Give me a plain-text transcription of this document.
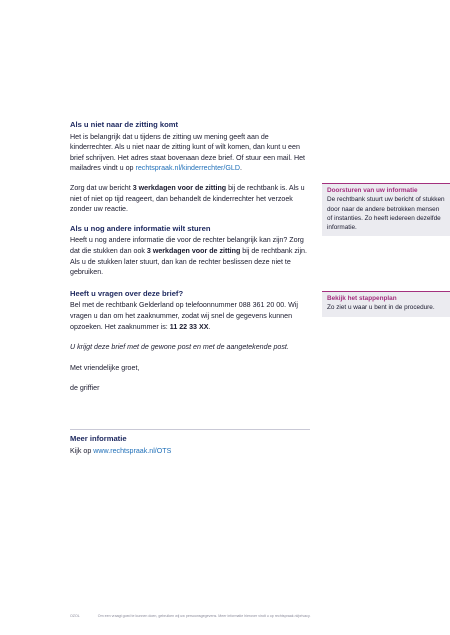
Als u niet naar de zitting komt
Het is belangrijk dat u tijdens de zitting uw mening geeft aan de kinderrechter. Als u niet naar de zitting kunt of wilt komen, dan kunt u een brief schrijven. Het adres staat bovenaan deze brief. Of stuur een mail. Het mailadres vindt u op rechtspraak.nl/kinderrechter/GLD.
Zorg dat uw bericht 3 werkdagen voor de zitting bij de rechtbank is. Als u niet of niet op tijd reageert, dan behandelt de kinderrechter het verzoek zonder uw reactie.
Als u nog andere informatie wilt sturen
Heeft u nog andere informatie die voor de rechter belangrijk kan zijn? Zorg dat die stukken dan ook 3 werkdagen voor de zitting bij de rechtbank zijn. Als u de stukken later stuurt, dan kan de rechter beslissen deze niet te gebruiken.
Heeft u vragen over deze brief?
Bel met de rechtbank Gelderland op telefoonnummer 088 361 20 00. Wij vragen u dan om het zaaknummer, zodat wij snel de gegevens kunnen opzoeken. Het zaaknummer is: 11 22 33 XX.
U krijgt deze brief met de gewone post en met de aangetekende post.
Met vriendelijke groet,
de griffier
Meer informatie
Kijk op www.rechtspraak.nl/OTS
Doorsturen van uw informatie
De rechtbank stuurt uw bericht of stukken door naar de andere betrokken mensen of instanties. Zo heeft iedereen dezelfde informatie.
Bekijk het stappenplan
Zo ziet u waar u bent in de procedure.
OZOL	Om een vraagt goed te kunnen doen, gebruiken wij uw persoonsgegevens. Meer informatie hierover vindt u op rechtspraak.nl/privacy.
